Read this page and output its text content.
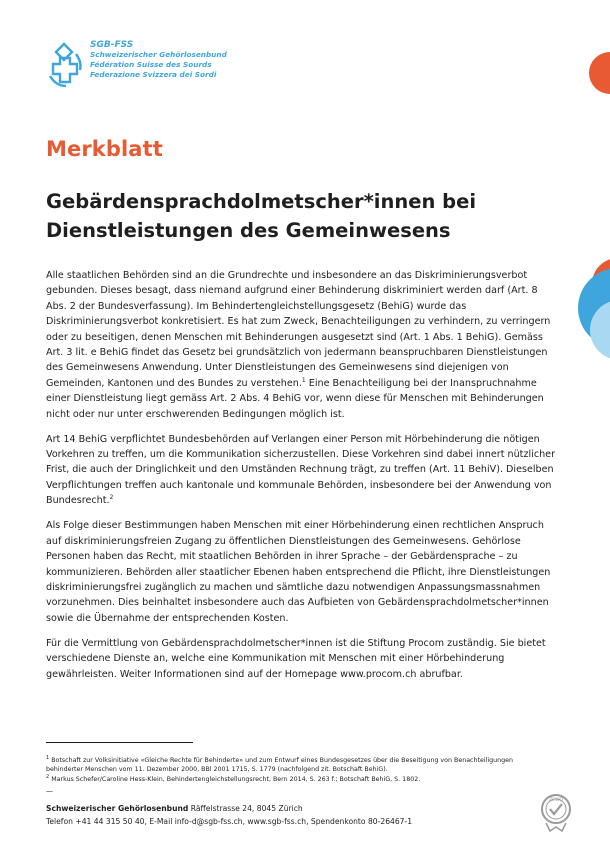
SGB-FSS
Schweizerischer Gehörlosenbund
Fédération Suisse des Sourds
Federazione Svizzera dei Sordi
Merkblatt
Gebärdensprachdolmetscher*innen bei
Dienstleistungen des Gemeinwesens

Alle staatlichen Behörden sind an die Grundrechte und insbesondere an das Diskriminierungsverbot gebunden. Dieses besagt, dass niemand aufgrund einer Behinderung diskriminiert werden darf (Art. 8 Abs. 2 der Bundesverfassung). Im Behindertengleichstellungsgesetz (BehiG) wurde das Diskriminierungsverbot konkretisiert. Es hat zum Zweck, Benachteiligungen zu verhindern, zu verringern oder zu beseitigen, denen Menschen mit Behinderungen ausgesetzt sind (Art. 1 Abs. 1 BehiG). Gemäss Art. 3 lit. e BehiG findet das Gesetz bei grundsätzlich von jedermann beanspruchbaren Dienstleistungen des Gemeinwesens Anwendung. Unter Dienstleistungen des Gemeinwesens sind diejenigen von Gemeinden, Kantonen und des Bundes zu verstehen.$^1$ Eine Benachteiligung bei der Inanspruchnahme einer Dienstleistung liegt gemäss Art. 2 Abs. 4 BehiG vor, wenn diese für Menschen mit Behinderungen nicht oder nur unter erschwerenden Bedingungen möglich ist.

Art 14 BehiG verpflichtet Bundesbehörden auf Verlangen einer Person mit Hörbehinderung die nötigen Vorkehren zu treffen, um die Kommunikation sicherzustellen. Diese Vorkehren sind dabei innert nützlicher Frist, die auch der Dringlichkeit und den Umständen Rechnung trägt, zu treffen (Art. 11 BehiV). Dieselben Verpflichtungen treffen auch kantonale und kommunale Behörden, insbesondere bei der Anwendung von Bundesrecht.$^2$

Als Folge dieser Bestimmungen haben Menschen mit einer Hörbehinderung einen rechtlichen Anspruch auf diskriminierungsfreien Zugang zu öffentlichen Dienstleistungen des Gemeinwesens. Gehörlose Personen haben das Recht, mit staatlichen Behörden in ihrer Sprache – der Gebärdensprache – zu kommunizieren. Behörden aller staatlicher Ebenen haben entsprechend die Pflicht, ihre Dienstleistungen diskriminierungsfrei zugänglich zu machen und sämtliche dazu notwendigen Anpassungsmassnahmen vorzunehmen. Dies beinhaltet insbesondere auch das Aufbieten von Gebärdensprachdolmetscher*innen sowie die Übernahme der entsprechenden Kosten.

Für die Vermittlung von Gebärdensprachdolmetscher*innen ist die Stiftung Procom zuständig. Sie bietet verschiedene Dienste an, welche eine Kommunikation mit Menschen mit einer Hörbehinderung gewährleisten. Weiter Informationen sind auf der Homepage www.procom.ch abrufbar.

$^1$ Botschaft zur Volksinitiative «Gleiche Rechte für Behinderte» und zum Entwurf eines Bundesgesetzes über die Beseitigung von Benachteiligungen behinderter Menschen vom 11. Dezember 2000, BBl 2001 1715, S. 1779 (nachfolgend zit. Botschaft BehiG).

$^2$ Markus Schefer/Caroline Hess-Klein, Behindertengleichstellungsrecht, Bern 2014, S. 263 f.; Botschaft BehiG, S. 1802.

—
Schweizerischer Gehörlosenbund Räffelstrasse 24, 8045 Zürich
Telefon +41 44 315 50 40, E-Mail info-d@sgb-fss.ch, www.sgb-fss.ch, Spendenkonto 80-26467-1
ZEWO
